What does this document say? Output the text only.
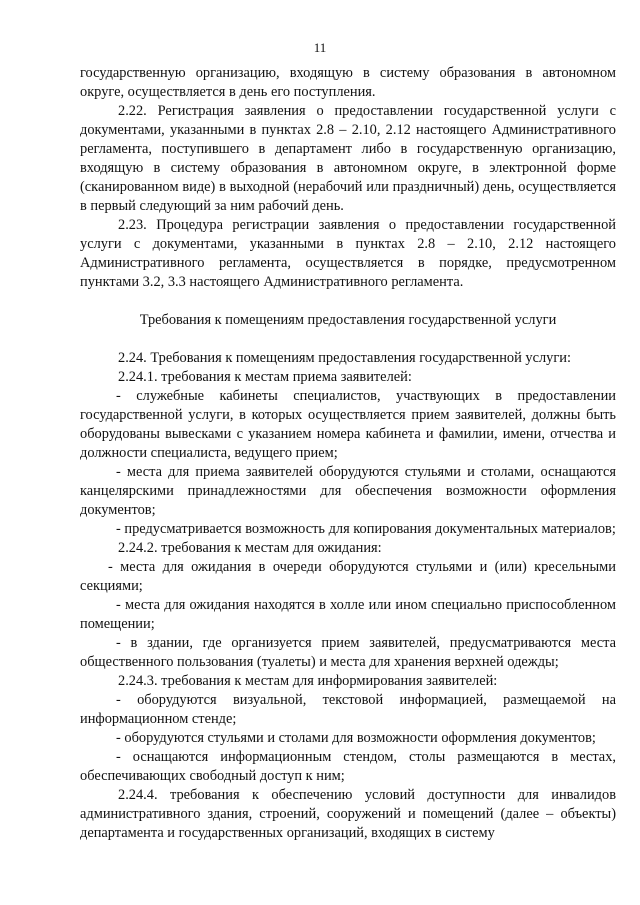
11

государственную организацию, входящую в систему образования в автономном округе, осуществляется в день его поступления.

2.22. Регистрация заявления о предоставлении государственной услуги с документами, указанными в пунктах 2.8 – 2.10, 2.12 настоящего Административного регламента, поступившего в департамент либо в государственную организацию, входящую в систему образования в автономном округе, в электронной форме (сканированном виде) в выходной (нерабочий или праздничный) день, осуществляется в первый следующий за ним рабочий день.

2.23. Процедура регистрации заявления о предоставлении государственной услуги с документами, указанными в пунктах 2.8 – 2.10, 2.12 настоящего Административного регламента, осуществляется в порядке, предусмотренном пунктами 3.2, 3.3 настоящего Административного регламента.

Требования к помещениям предоставления государственной услуги

2.24. Требования к помещениям предоставления государственной услуги:

2.24.1. требования к местам приема заявителей:

- служебные кабинеты специалистов, участвующих в предоставлении государственной услуги, в которых осуществляется прием заявителей, должны быть оборудованы вывесками с указанием номера кабинета и фамилии, имени, отчества и должности специалиста, ведущего прием;

- места для приема заявителей оборудуются стульями и столами, оснащаются канцелярскими принадлежностями для обеспечения возможности оформления документов;

- предусматривается возможность для копирования документальных материалов;

2.24.2. требования к местам для ожидания:

- места для ожидания в очереди оборудуются стульями и (или) кресельными секциями;

- места для ожидания находятся в холле или ином специально приспособленном помещении;

- в здании, где организуется прием заявителей, предусматриваются места общественного пользования (туалеты) и места для хранения верхней одежды;

2.24.3. требования к местам для информирования заявителей:

- оборудуются визуальной, текстовой информацией, размещаемой на информационном стенде;

- оборудуются стульями и столами для возможности оформления документов;

- оснащаются информационным стендом, столы размещаются в местах, обеспечивающих свободный доступ к ним;

2.24.4. требования к обеспечению условий доступности для инвалидов административного здания, строений, сооружений и помещений (далее – объекты) департамента и государственных организаций, входящих в систему
